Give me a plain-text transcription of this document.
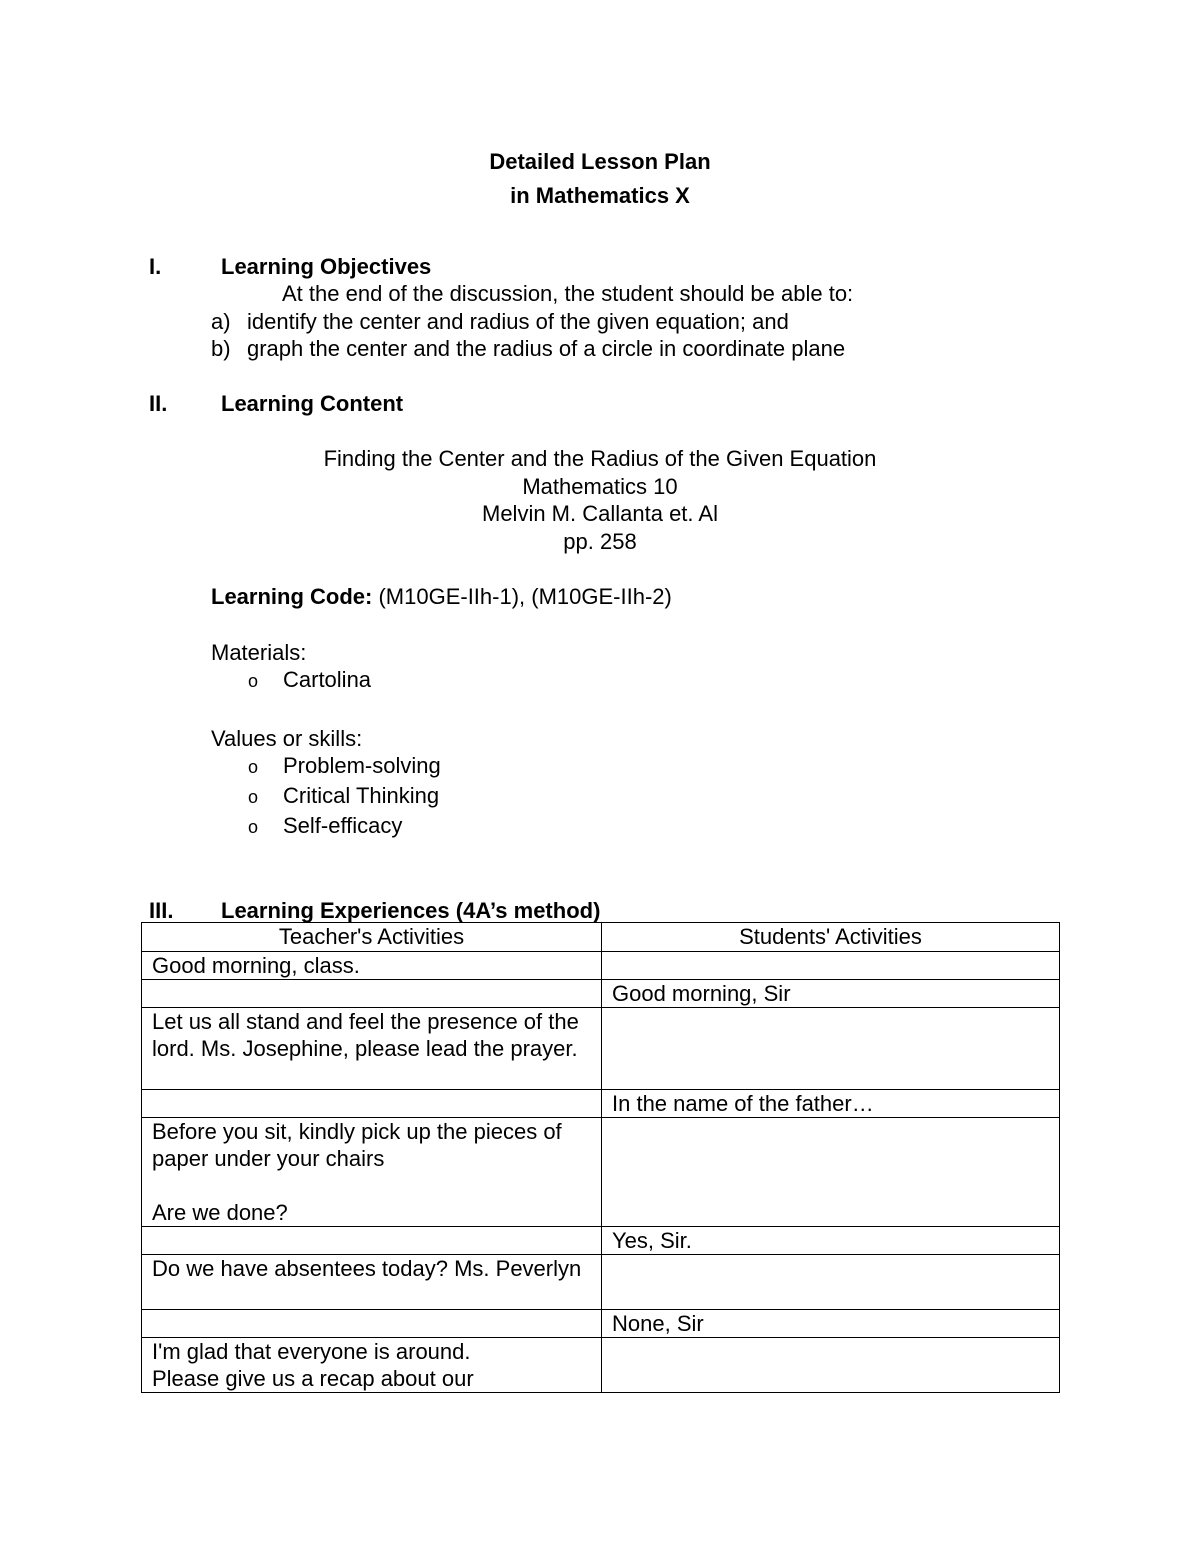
Detailed Lesson Plan
in Mathematics X
I.	Learning Objectives
At the end of the discussion, the student should be able to:
a) identify the center and radius of the given equation; and
b) graph the center and the radius of a circle in coordinate plane
II. Learning Content
Finding the Center and the Radius of the Given Equation
Mathematics 10
Melvin M. Callanta et. Al
pp. 258
Learning Code: (M10GE-IIh-1), (M10GE-IIh-2)
Materials:
o Cartolina
Values or skills:
o Problem-solving
o Critical Thinking
o Self-efficacy
III. Learning Experiences (4A’s method)
Teacher's Activities	Students' Activities
Good morning, class.	
	Good morning, Sir
Let us all stand and feel the presence of the lord. Ms. Josephine, please lead the prayer.	
	In the name of the father…
Before you sit, kindly pick up the pieces of paper under your chairs

Are we done?	
	Yes, Sir.
Do we have absentees today? Ms. Peverlyn	
	None, Sir
I'm glad that everyone is around.
Please give us a recap about our	
